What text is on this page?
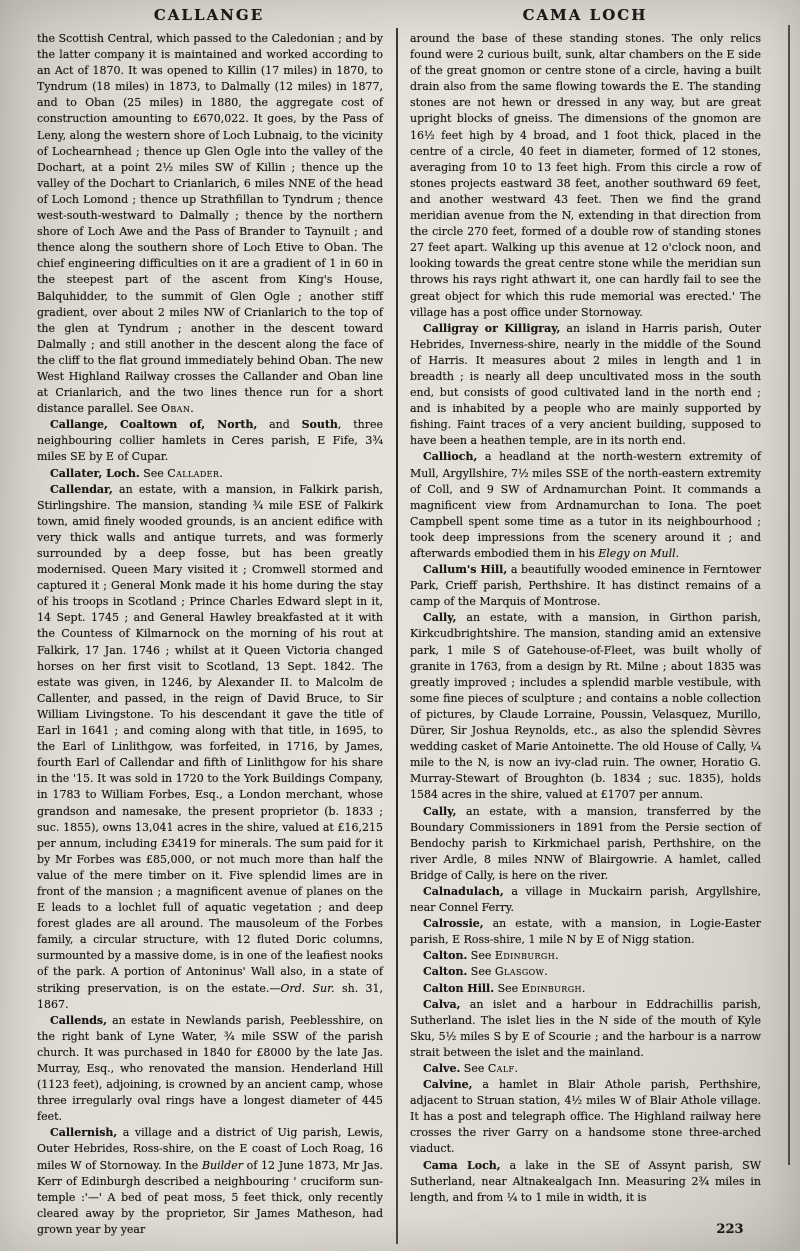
CALLANGE	CAMA LOCH

the Scottish Central, which passed to the Caledonian ; and by the latter company it is maintained and worked according to an Act of 1870. It was opened to Killin (17 miles) in 1870, to Tyndrum (18 miles) in 1873, to Dalmally (12 miles) in 1877, and to Oban (25 miles) in 1880, the aggregate cost of construction amounting to £670,022. It goes, by the Pass of Leny, along the western shore of Loch Lubnaig, to the vicinity of Lochearnhead ; thence up Glen Ogle into the valley of the Dochart, at a point 2½ miles SW of Killin ; thence up the valley of the Dochart to Crianlarich, 6 miles NNE of the head of Loch Lomond ; thence up Strathfillan to Tyndrum ; thence west-south-westward to Dalmally ; thence by the northern shore of Loch Awe and the Pass of Brander to Taynuilt ; and thence along the southern shore of Loch Etive to Oban. The chief engineering difficulties on it are a gradient of 1 in 60 in the steepest part of the ascent from King's House, Balquhidder, to the summit of Glen Ogle ; another stiff gradient, over about 2 miles NW of Crianlarich to the top of the glen at Tyndrum ; another in the descent toward Dalmally ; and still another in the descent along the face of the cliff to the flat ground immediately behind Oban. The new West Highland Railway crosses the Callander and Oban line at Crianlarich, and the two lines thence run for a short distance parallel. See Oban.

Callange, Coaltown of, North, and South, three neighbouring collier hamlets in Ceres parish, E Fife, 3¾ miles SE by E of Cupar.

Callater, Loch. See Callader.

Callendar, an estate, with a mansion, in Falkirk parish, Stirlingshire. The mansion, standing ¾ mile ESE of Falkirk town, amid finely wooded grounds, is an ancient edifice with very thick walls and antique turrets, and was formerly surrounded by a deep fosse, but has been greatly modernised. Queen Mary visited it ; Cromwell stormed and captured it ; General Monk made it his home during the stay of his troops in Scotland ; Prince Charles Edward slept in it, 14 Sept. 1745 ; and General Hawley breakfasted at it with the Countess of Kilmarnock on the morning of his rout at Falkirk, 17 Jan. 1746 ; whilst at it Queen Victoria changed horses on her first visit to Scotland, 13 Sept. 1842. The estate was given, in 1246, by Alexander II. to Malcolm de Callenter, and passed, in the reign of David Bruce, to Sir William Livingstone. To his descendant it gave the title of Earl in 1641 ; and coming along with that title, in 1695, to the Earl of Linlithgow, was forfeited, in 1716, by James, fourth Earl of Callendar and fifth of Linlithgow for his share in the '15. It was sold in 1720 to the York Buildings Company, in 1783 to William Forbes, Esq., a London merchant, whose grandson and namesake, the present proprietor (b. 1833 ; suc. 1855), owns 13,041 acres in the shire, valued at £16,215 per annum, including £3419 for minerals. The sum paid for it by Mr Forbes was £85,000, or not much more than half the value of the mere timber on it. Five splendid limes are in front of the mansion ; a magnificent avenue of planes on the E leads to a lochlet full of aquatic vegetation ; and deep forest glades are all around. The mausoleum of the Forbes family, a circular structure, with 12 fluted Doric columns, surmounted by a massive dome, is in one of the leafiest nooks of the park. A portion of Antoninus' Wall also, in a state of striking preservation, is on the estate.—Ord. Sur. sh. 31, 1867.

Callends, an estate in Newlands parish, Peeblesshire, on the right bank of Lyne Water, ¾ mile SSW of the parish church. It was purchased in 1840 for £8000 by the late Jas. Murray, Esq., who renovated the mansion. Henderland Hill (1123 feet), adjoining, is crowned by an ancient camp, whose three irregularly oval rings have a longest diameter of 445 feet.

Callernish, a village and a district of Uig parish, Lewis, Outer Hebrides, Ross-shire, on the E coast of Loch Roag, 16 miles W of Stornoway. In the Builder of 12 June 1873, Mr Jas. Kerr of Edinburgh described a neighbouring ' cruciform sun-temple :'—' A bed of peat moss, 5 feet thick, only recently cleared away by the proprietor, Sir James Matheson, had grown year by year

around the base of these standing stones. The only relics found were 2 curious built, sunk, altar chambers on the E side of the great gnomon or centre stone of a circle, having a built drain also from the same flowing towards the E. The standing stones are not hewn or dressed in any way, but are great upright blocks of gneiss. The dimensions of the gnomon are 16½ feet high by 4 broad, and 1 foot thick, placed in the centre of a circle, 40 feet in diameter, formed of 12 stones, averaging from 10 to 13 feet high. From this circle a row of stones projects eastward 38 feet, another southward 69 feet, and another westward 43 feet. Then we find the grand meridian avenue from the N, extending in that direction from the circle 270 feet, formed of a double row of standing stones 27 feet apart. Walking up this avenue at 12 o'clock noon, and looking towards the great centre stone while the meridian sun throws his rays right athwart it, one can hardly fail to see the great object for which this rude memorial was erected.' The village has a post office under Stornoway.

Calligray or Killigray, an island in Harris parish, Outer Hebrides, Inverness-shire, nearly in the middle of the Sound of Harris. It measures about 2 miles in length and 1 in breadth ; is nearly all deep uncultivated moss in the south end, but consists of good cultivated land in the north end ; and is inhabited by a people who are mainly supported by fishing. Faint traces of a very ancient building, supposed to have been a heathen temple, are in its north end.

Callioch, a headland at the north-western extremity of Mull, Argyllshire, 7½ miles SSE of the north-eastern extremity of Coll, and 9 SW of Ardnamurchan Point. It commands a magnificent view from Ardnamurchan to Iona. The poet Campbell spent some time as a tutor in its neighbourhood ; took deep impressions from the scenery around it ; and afterwards embodied them in his Elegy on Mull.

Callum's Hill, a beautifully wooded eminence in Ferntower Park, Crieff parish, Perthshire. It has distinct remains of a camp of the Marquis of Montrose.

Cally, an estate, with a mansion, in Girthon parish, Kirkcudbrightshire. The mansion, standing amid an extensive park, 1 mile S of Gatehouse-of-Fleet, was built wholly of granite in 1763, from a design by Rt. Milne ; about 1835 was greatly improved ; includes a splendid marble vestibule, with some fine pieces of sculpture ; and contains a noble collection of pictures, by Claude Lorraine, Poussin, Velasquez, Murillo, Dürer, Sir Joshua Reynolds, etc., as also the splendid Sèvres wedding casket of Marie Antoinette. The old House of Cally, ¼ mile to the N, is now an ivy-clad ruin. The owner, Horatio G. Murray-Stewart of Broughton (b. 1834 ; suc. 1835), holds 1584 acres in the shire, valued at £1707 per annum.

Cally, an estate, with a mansion, transferred by the Boundary Commissioners in 1891 from the Persie section of Bendochy parish to Kirkmichael parish, Perthshire, on the river Ardle, 8 miles NNW of Blairgowrie. A hamlet, called Bridge of Cally, is here on the river.

Calnadulach, a village in Muckairn parish, Argyllshire, near Connel Ferry.

Calrossie, an estate, with a mansion, in Logie-Easter parish, E Ross-shire, 1 mile N by E of Nigg station.

Calton. See Edinburgh.

Calton. See Glasgow.

Calton Hill. See Edinburgh.

Calva, an islet and a harbour in Eddrachillis parish, Sutherland. The islet lies in the N side of the mouth of Kyle Sku, 5½ miles S by E of Scourie ; and the harbour is a narrow strait between the islet and the mainland.

Calve. See Calf.

Calvine, a hamlet in Blair Athole parish, Perthshire, adjacent to Struan station, 4½ miles W of Blair Athole village. It has a post and telegraph office. The Highland railway here crosses the river Garry on a handsome stone three-arched viaduct.

Cama Loch, a lake in the SE of Assynt parish, SW Sutherland, near Altnakealgach Inn. Measuring 2¾ miles in length, and from ¼ to 1 mile in width, it is

223
